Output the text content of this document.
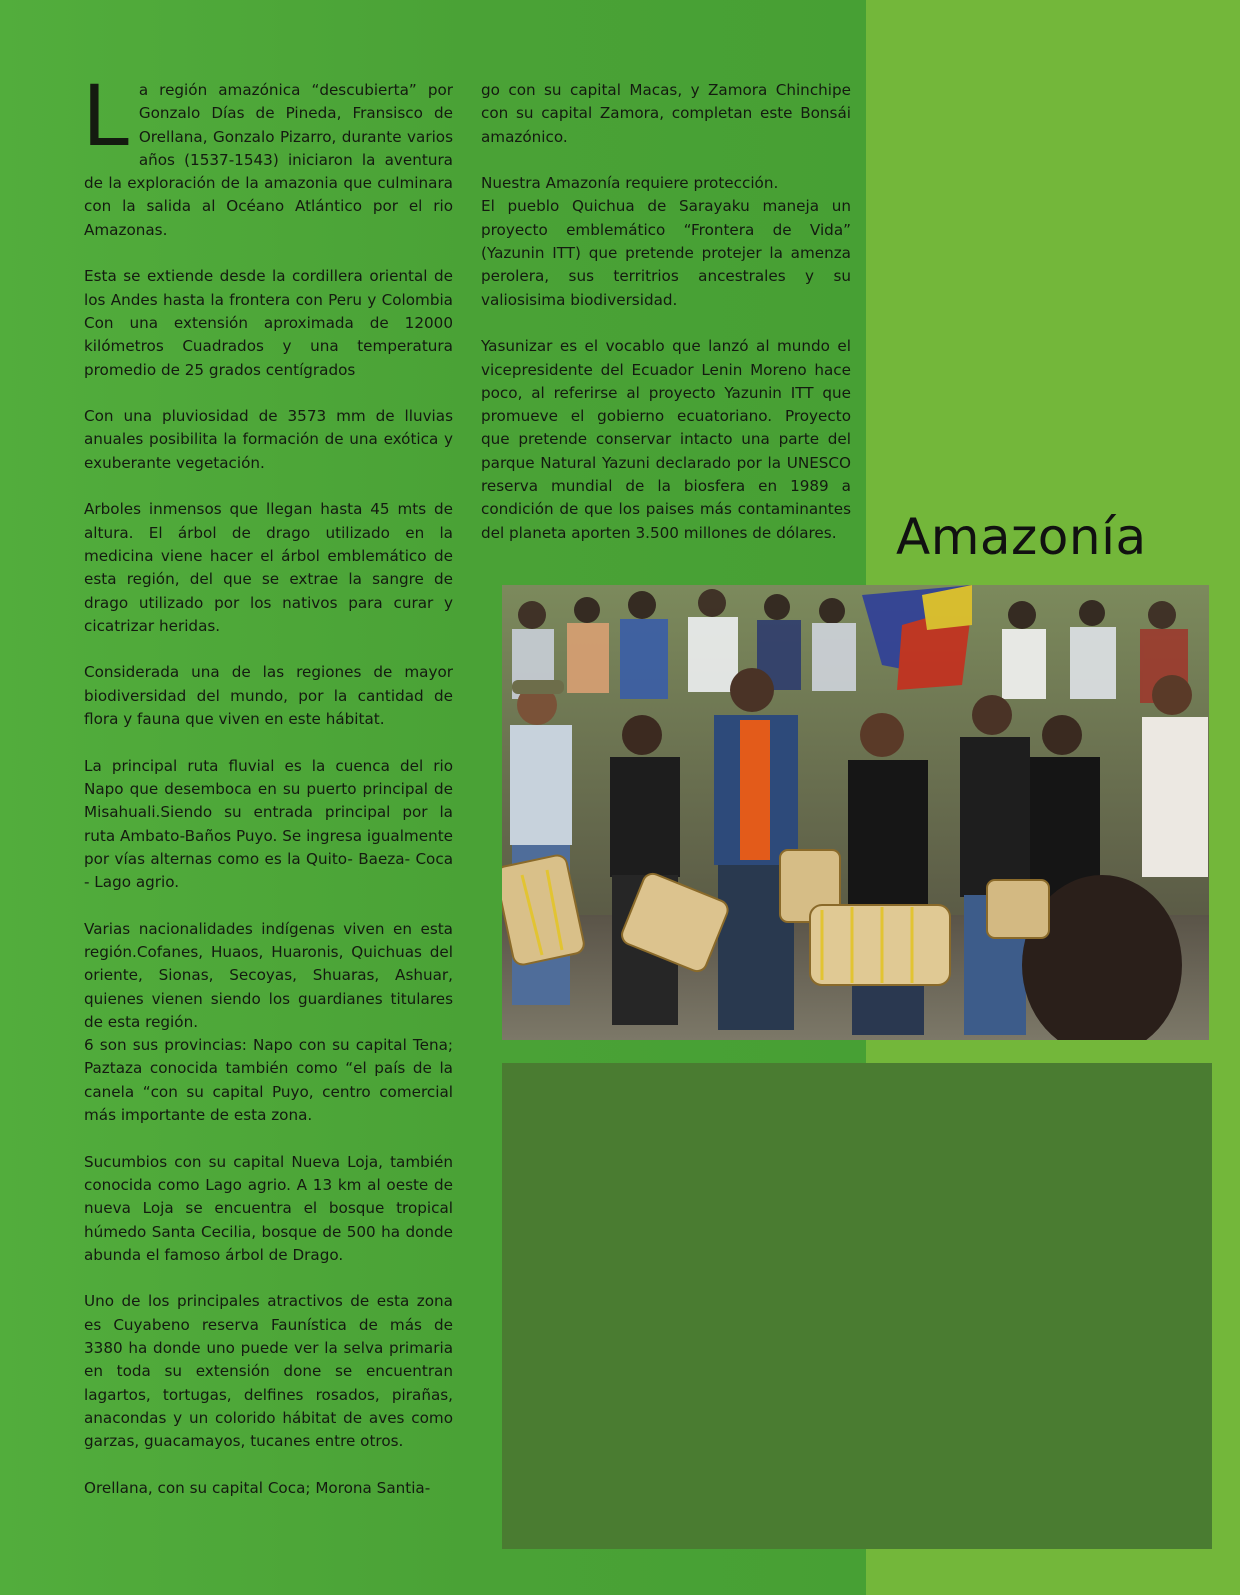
La región amazónica “descubierta” por Gonzalo Días de Pineda, Fransisco de Orellana, Gonzalo Pizarro, durante varios años (1537-1543) iniciaron la aventura de la exploración de la amazonia que culminara con la salida al Océano Atlántico por el rio Amazonas.

Esta se extiende desde la cordillera oriental de los Andes hasta la frontera con Peru y Colombia Con una extensión aproximada de 12000 kilómetros Cuadrados y una temperatura promedio de 25 grados centígrados

Con una pluviosidad de 3573 mm de lluvias anuales posibilita la formación de una exótica y exuberante vegetación.

Arboles inmensos que llegan hasta 45 mts de altura. El árbol de drago utilizado en la medicina viene hacer el árbol emblemático de esta región, del que se extrae la sangre de drago utilizado por los nativos para curar y cicatrizar heridas.

Considerada una de las regiones de mayor biodiversidad del mundo, por la cantidad de flora y fauna que viven en este hábitat.

La principal ruta fluvial es la cuenca del rio Napo que desemboca en su puerto principal de Misahuali.Siendo su entrada principal por la ruta Ambato-Baños Puyo. Se ingresa igualmente por vías alternas como es la Quito- Baeza- Coca - Lago agrio.

Varias nacionalidades indígenas viven en esta región.Cofanes, Huaos, Huaronis, Quichuas del oriente, Sionas, Secoyas, Shuaras, Ashuar, quienes vienen siendo los guardianes titulares de esta región.

6 son sus provincias: Napo con su capital Tena; Paztaza conocida también como “el país de la canela “con su capital Puyo, centro comercial más importante de esta zona.

Sucumbios con su capital Nueva Loja, también conocida como Lago agrio. A 13 km al oeste de nueva Loja se encuentra el bosque tropical húmedo Santa Cecilia, bosque de 500 ha donde abunda el famoso árbol de Drago.

Uno de los principales atractivos de esta zona es Cuyabeno reserva Faunística de más de 3380 ha donde uno puede ver la selva primaria en toda su extensión done se encuentran lagartos, tortugas, delfines rosados, pirañas, anacondas y un colorido hábitat de aves como garzas, guacamayos, tucanes entre otros.

Orellana, con su capital Coca; Morona Santia-

go con su capital Macas, y Zamora Chinchipe con su capital Zamora, completan este Bonsái amazónico.

Nuestra Amazonía requiere protección.

El pueblo Quichua de Sarayaku maneja un proyecto emblemático “Frontera de Vida” (Yazunin ITT) que pretende protejer la amenza perolera, sus territrios ancestrales y su valiosisima biodiversidad.

Yasunizar es el vocablo que lanzó al mundo el vicepresidente del Ecuador Lenin Moreno hace poco, al referirse al proyecto Yazunin ITT que promueve el gobierno ecuatoriano. Proyecto que pretende conservar intacto una parte del parque Natural Yazuni declarado por la UNESCO reserva mundial de la biosfera en 1989 a condición de que los paises más contaminantes del planeta aporten 3.500 millones de dólares. Amazonía
